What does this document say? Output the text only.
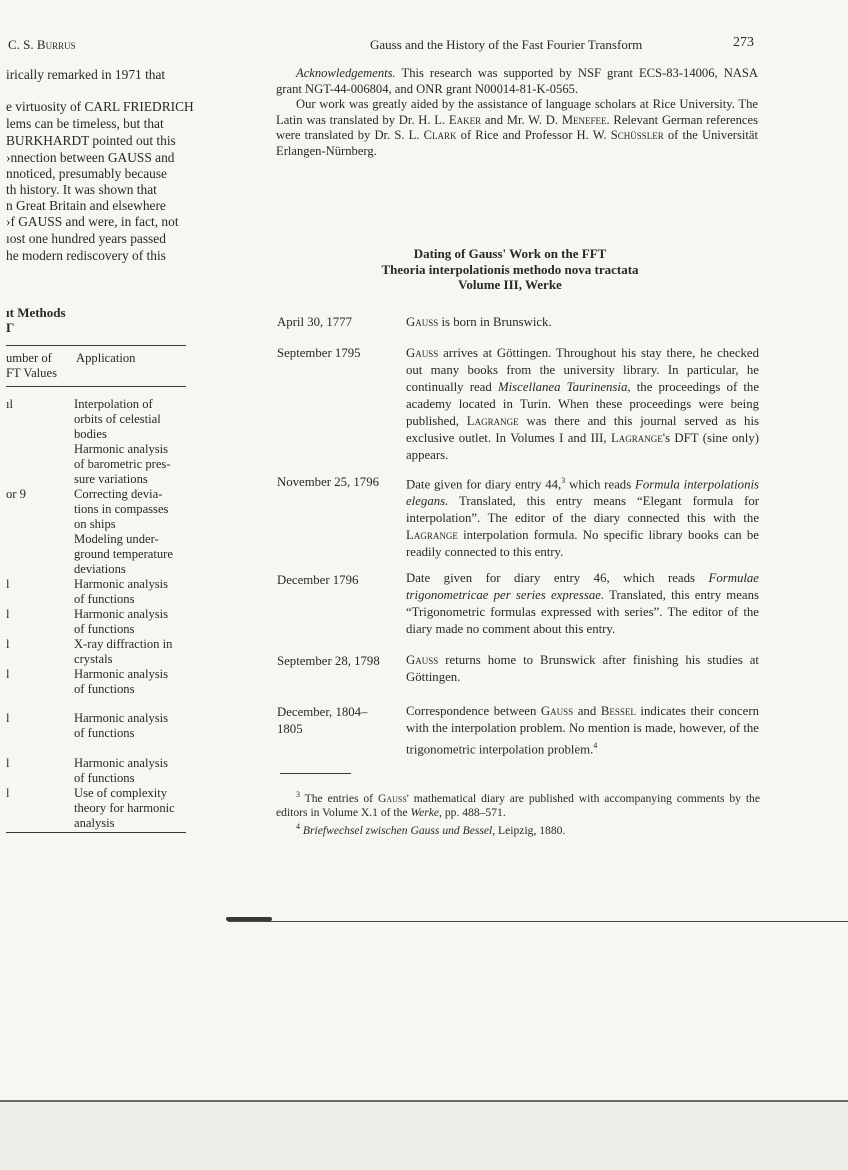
C. S. Burrus	Gauss and the History of the Fast Fourier Transform	273
irically remarked in 1971 that
e virtuosity of CARL FRIEDRICH
lems can be timeless, but that
BURKHARDT pointed out this
›nnection between GAUSS and
nnoticed, presumably because
th history. It was shown that
n Great Britain and elsewhere
›f GAUSS and were, in fact, not
ıost one hundred years passed
he modern rediscovery of this
ıt Methods
Γ
umber of
FT Values
Application
ıl	Interpolation of
orbits of celestial
bodies
Harmonic analysis
of barometric pres-
sure variations
or 9	Correcting devia-
tions in compasses
on ships
Modeling under-
ground temperature
deviations
l	Harmonic analysis
of functions
l	Harmonic analysis
of functions
l	X-ray diffraction in
crystals
l	Harmonic analysis
of functions
l	Harmonic analysis
of functions
l	Harmonic analysis
of functions
l	Use of complexity
theory for harmonic
analysis

Acknowledgements. This research was supported by NSF grant ECS-83-14006, NASA grant NGT-44-006804, and ONR grant N00014-81-K-0565.

Our work was greatly aided by the assistance of language scholars at Rice University. The Latin was translated by Dr. H. L. Eaker and Mr. W. D. Menefee. Relevant German references were translated by Dr. S. L. Clark of Rice and Professor H. W. Schüssler of the Universität Erlangen-Nürnberg.

Dating of Gauss' Work on the FFT
Theoria interpolationis methodo nova tractata
Volume III, Werke
April 30, 1777	Gauss is born in Brunswick.
September 1795	Gauss arrives at Göttingen. Throughout his stay there, he checked out many books from the university library. In particular, he continually read Miscellanea Taurinensia, the proceedings of the academy located in Turin. When these proceedings were being published, Lagrange was there and this journal served as his exclusive outlet. In Volumes I and III, Lagrange's DFT (sine only) appears.
November 25, 1796 Date given for diary entry 44,$^3$ which reads Formula interpolationis elegans. Translated, this entry means “Elegant formula for interpolation”. The editor of the diary connected this with the Lagrange interpolation formula. No specific library books can be readily connected to this entry.
December 1796	Date given for diary entry 46, which reads Formulae trigonometricae per series expressae. Translated, this entry means “Trigonometric formulas expressed with series”. The editor of the diary made no comment about this entry.
September 28, 1798 Gauss returns home to Brunswick after finishing his studies at Göttingen.
December, 1804–
1805
Correspondence between Gauss and Bessel indicates their concern with the interpolation problem. No mention is made, however, of the trigonometric interpolation problem.$^4$

$^3$ The entries of Gauss' mathematical diary are published with accompanying comments by the editors in Volume X.1 of the Werke, pp. 488–571.

$^4$ Briefwechsel zwischen Gauss und Bessel, Leipzig, 1880.
